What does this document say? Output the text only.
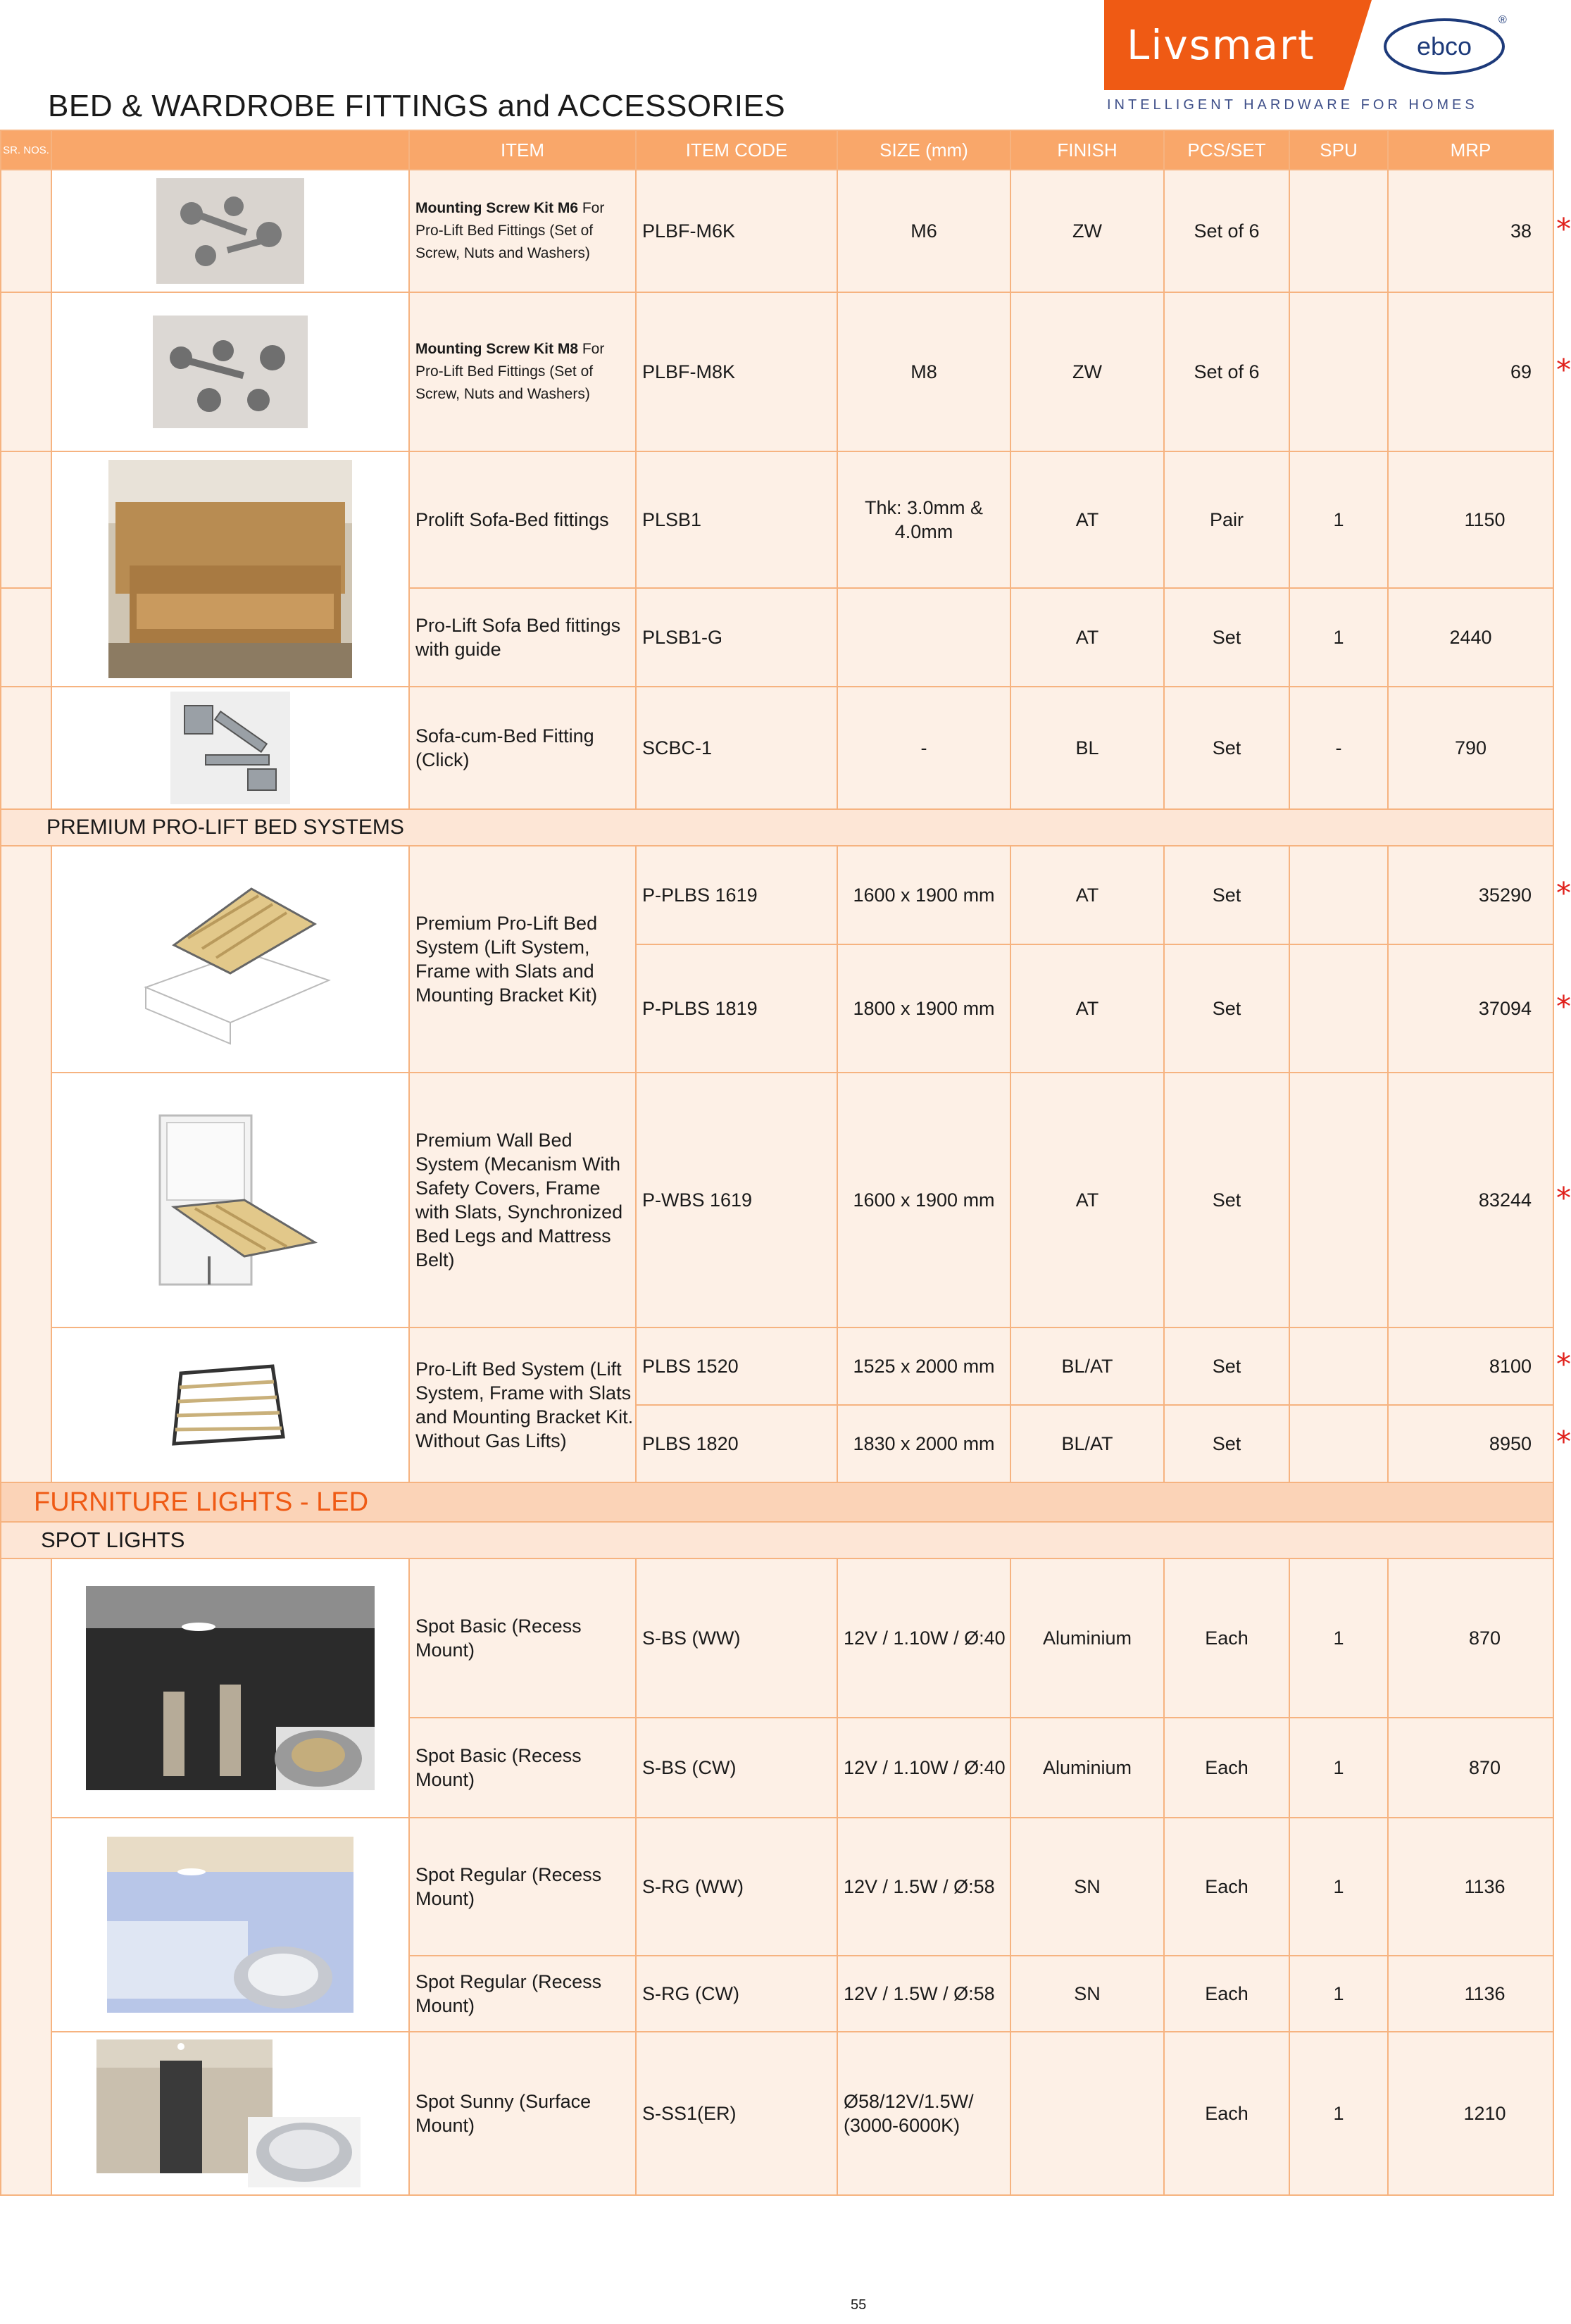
BED & WARDROBE FITTINGS and ACCESSORIES
Livsmart	ebco
®
INTELLIGENT HARDWARE FOR HOMES
SR. NOS.		ITEM	ITEM CODE	SIZE (mm)	FINISH	PCS/SET	SPU	MRP

	Mounting Screw Kit M6 For Pro-Lift Bed Fittings (Set of Screw, Nuts and Washers)	PLBF-M6K	M6	ZW	Set of 6		38 *

	Mounting Screw Kit M8 For Pro-Lift Bed Fittings (Set of Screw, Nuts and Washers)	PLBF-M8K	M8	ZW	Set of 6		69 *

	Prolift Sofa-Bed fittings	PLSB1	Thk: 3.0mm & 4.0mm	AT	Pair	1	1150
		Pro-Lift Sofa Bed fittings with guide	PLSB1-G		AT	Set	1	2440

	Sofa-cum-Bed Fitting (Click)	SCBC-1	-	BL	Set	-	790
PREMIUM PRO-LIFT BED SYSTEMS								

	Premium Pro-Lift Bed System (Lift System, Frame with Slats and Mounting Bracket Kit)	P-PLBS 1619	1600 x 1900 mm	AT	Set		35290 *

			P-PLBS 1819	1800 x 1900 mm	AT	Set		37094 *

	Premium Wall Bed System (Mecanism With Safety Covers, Frame with Slats, Synchronized Bed Legs and Mattress Belt)	P-WBS 1619	1600 x 1900 mm	AT	Set		83244 *

	Pro-Lift Bed System (Lift System, Frame with Slats and Mounting Bracket Kit. Without Gas Lifts)	PLBS 1520	1525 x 2000 mm	BL/AT	Set		8100 *

			PLBS 1820	1830 x 2000 mm	BL/AT	Set		8950 *

FURNITURE LIGHTS - LED								
SPOT LIGHTS								

	Spot Basic (Recess Mount)	S-BS (WW)	12V / 1.10W / Ø:40	Aluminium	Each	1	870
		Spot Basic (Recess Mount)	S-BS (CW)	12V / 1.10W / Ø:40	Aluminium	Each	1	870

	Spot Regular (Recess Mount)	S-RG (WW)	12V / 1.5W / Ø:58	SN	Each	1	1136
		Spot Regular (Recess Mount)	S-RG (CW)	12V / 1.5W / Ø:58	SN	Each	1	1136

	Spot Sunny (Surface Mount)	S-SS1(ER)	Ø58/12V/1.5W/ (3000-6000K)		Each	1	1210
55
